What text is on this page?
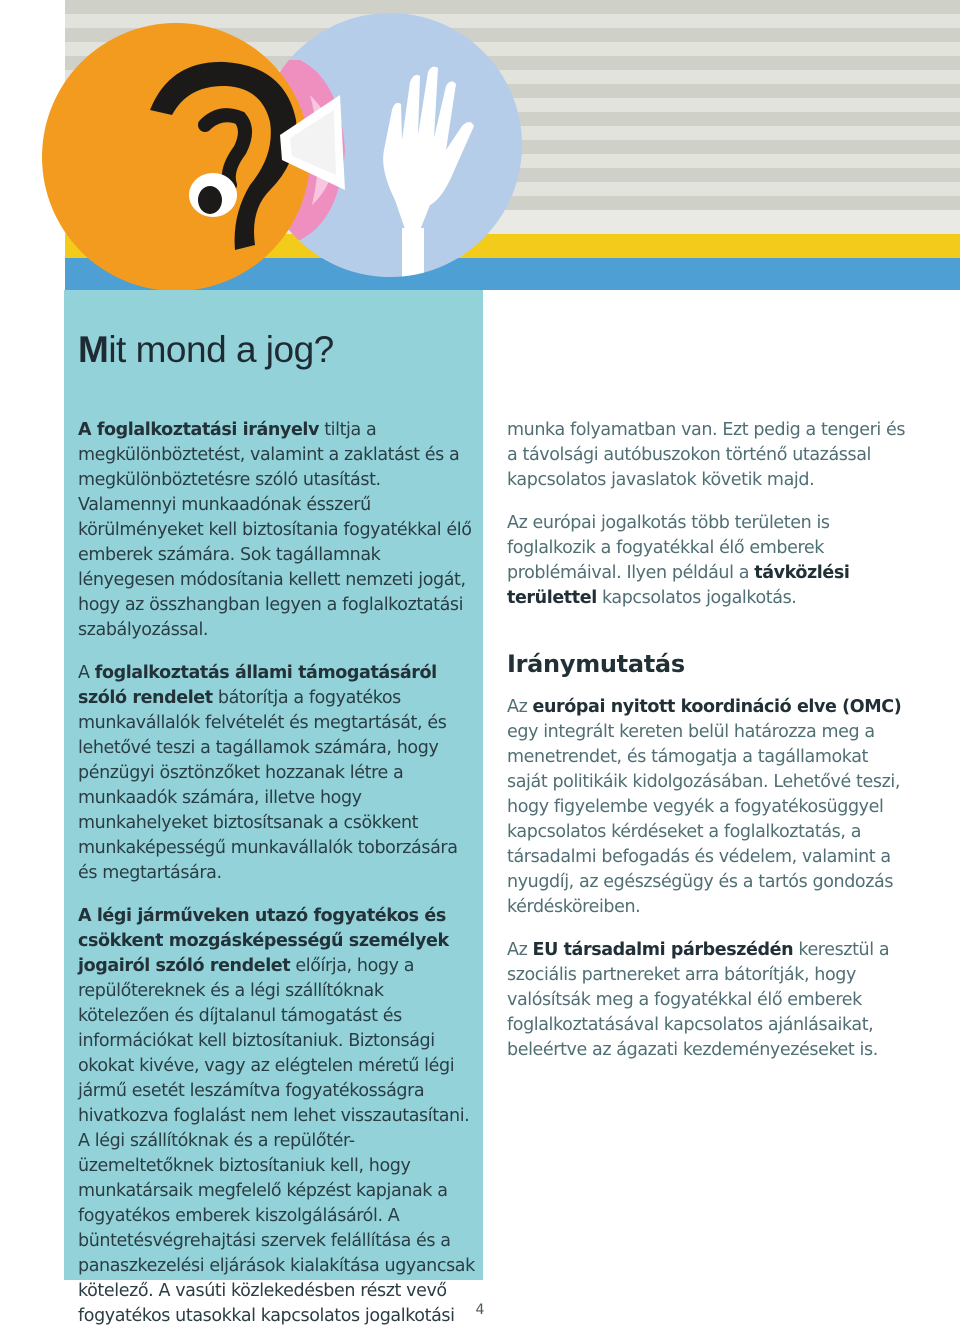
Mit mond a jog?

A foglalkoztatási irányelv tiltja a megkülönböztetést, valamint a zaklatást és a megkülönböztetésre szóló utasítást. Valamennyi munkaadónak ésszerű körülményeket kell biztosítania fogyatékkal élő emberek számára. Sok tagállamnak lényegesen módosítania kellett nemzeti jogát, hogy az összhangban legyen a foglalkoztatási szabályozással.

A foglalkoztatás állami támogatásáról szóló rendelet bátorítja a fogyatékos munkavállalók felvételét és megtartását, és lehetővé teszi a tagállamok számára, hogy pénzügyi ösztönzőket hozzanak létre a munkaadók számára, illetve hogy munkahelyeket biztosítsanak a csökkent munkaképességű munkavállalók toborzására és megtartására.

A légi járműveken utazó fogyatékos és csökkent mozgásképességű személyek jogairól szóló rendelet előírja, hogy a repülőtereknek és a légi szállítóknak kötelezően és díjtalanul támogatást és információkat kell biztosítaniuk. Biztonsági okokat kivéve, vagy az elégtelen méretű légi jármű esetét leszámítva fogyatékosságra hivatkozva foglalást nem lehet visszautasítani. A légi szállítóknak és a repülőtér-üzemeltetőknek biztosítaniuk kell, hogy munkatársaik megfelelő képzést kapjanak a fogyatékos emberek kiszolgálásáról. A büntetésvégrehajtási szervek felállítása és a panaszkezelési eljárások kialakítása ugyancsak kötelező. A vasúti közlekedésben részt vevő fogyatékos utasokkal kapcsolatos jogalkotási

munka folyamatban van. Ezt pedig a tengeri és a távolsági autóbuszokon történő utazással kapcsolatos javaslatok követik majd.

Az európai jogalkotás több területen is foglalkozik a fogyatékkal élő emberek problémáival. Ilyen például a távközlési területtel kapcsolatos jogalkotás.

Iránymutatás

Az európai nyitott koordináció elve (OMC) egy integrált kereten belül határozza meg a menetrendet, és támogatja a tagállamokat saját politikáik kidolgozásában. Lehetővé teszi, hogy figyelembe vegyék a fogyatékosüggyel kapcsolatos kérdéseket a foglalkoztatás, a társadalmi befogadás és védelem, valamint a nyugdíj, az egészségügy és a tartós gondozás kérdésköreiben.

Az EU társadalmi párbeszédén keresztül a szociális partnereket arra bátorítják, hogy valósítsák meg a fogyatékkal élő emberek foglalkoztatásával kapcsolatos ajánlásaikat, beleértve az ágazati kezdeményezéseket is.

4
